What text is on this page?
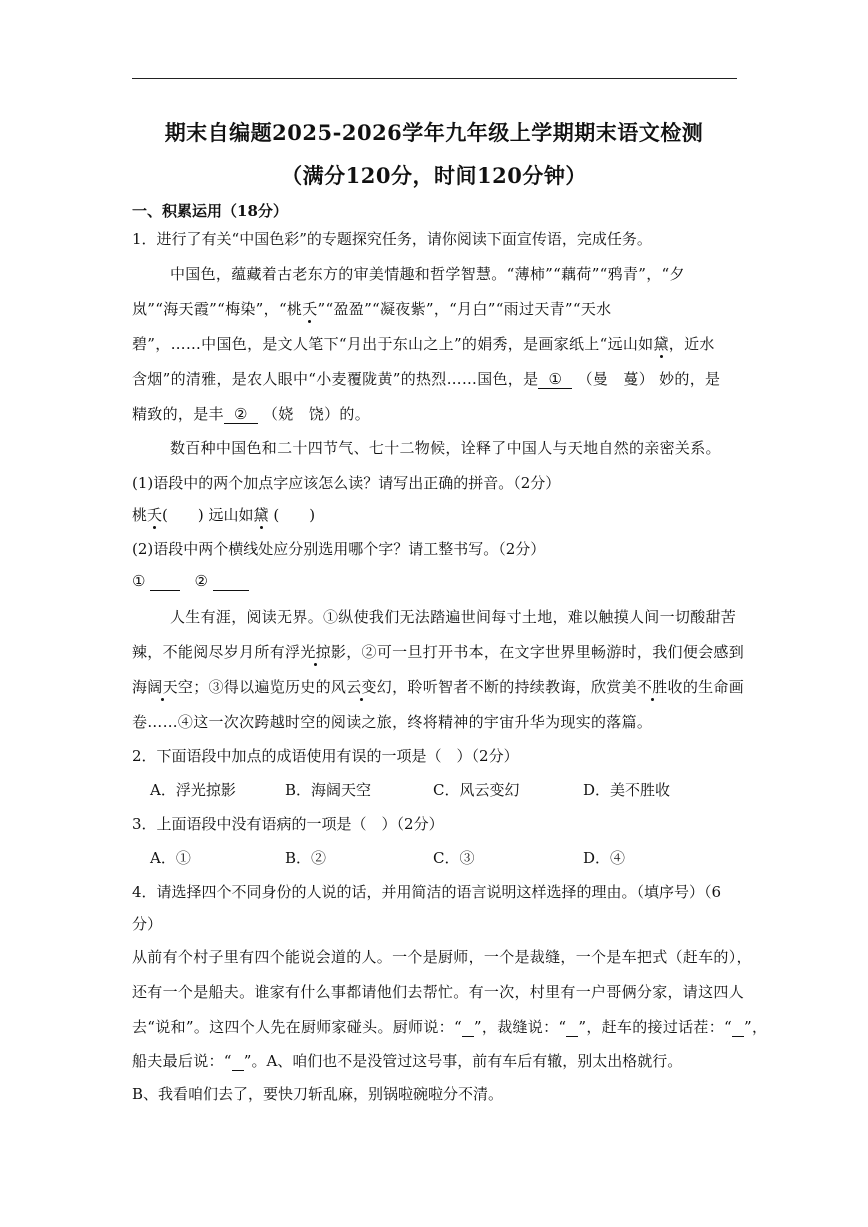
期末自编题2025-2026学年九年级上学期期末语文检测
（满分120分，时间120分钟）
一、积累运用（18分）
1．进行了有关“中国色彩”的专题探究任务，请你阅读下面宣传语，完成任务。
中国色，蕴藏着古老东方的审美情趣和哲学智慧。“薄柿”“藕荷”“鸦青”，“夕
岚”“海天霞”“梅染”，“桃夭”“盈盈”“凝夜紫”，“月白”“雨过天青”“天水
碧”，……中国色，是文人笔下“月出于东山之上”的娟秀，是画家纸上“远山如黛，近水
含烟”的清雅，是农人眼中“小麦覆陇黄”的热烈……国色，是 ① （曼　蔓） 妙的，是
精致的，是丰 ② （娆　饶）的。
数百种中国色和二十四节气、七十二物候，诠释了中国人与天地自然的亲密关系。
(1)语段中的两个加点字应该怎么读？请写出正确的拼音。（2分）
桃夭(　　) 远山如黛 (　　)
(2)语段中两个横线处应分别选用哪个字？请工整书写。（2分）
①	②
人生有涯，阅读无界。①纵使我们无法踏遍世间每寸土地，难以触摸人间一切酸甜苦
辣，不能阅尽岁月所有浮光掠影，②可一旦打开书本，在文字世界里畅游时，我们便会感到
海阔天空；③得以遍览历史的风云变幻，聆听智者不断的持续教诲，欣赏美不胜收的生命画
卷……④这一次次跨越时空的阅读之旅，终将精神的宇宙升华为现实的落篇。
2．下面语段中加点的成语使用有误的一项是（　）（2分）
A．浮光掠影	B．海阔天空	C．风云变幻	D．美不胜收
3．上面语段中没有语病的一项是（　）（2分）
A．①	B．②	C．③	D．④
4．请选择四个不同身份的人说的话，并用简洁的语言说明这样选择的理由。（填序号）（6
分）
从前有个村子里有四个能说会道的人。一个是厨师，一个是裁缝，一个是车把式（赶车的），
还有一个是船夫。谁家有什么事都请他们去帮忙。有一次，村里有一户哥俩分家，请这四人
去“说和”。这四个人先在厨师家碰头。厨师说：“ ”，裁缝说：“ ”，赶车的接过话茬：“ ”，
船夫最后说：“ ”。A、咱们也不是没管过这号事，前有车后有辙，别太出格就行。
B、我看咱们去了，要快刀斩乱麻，别锅啦碗啦分不清。
